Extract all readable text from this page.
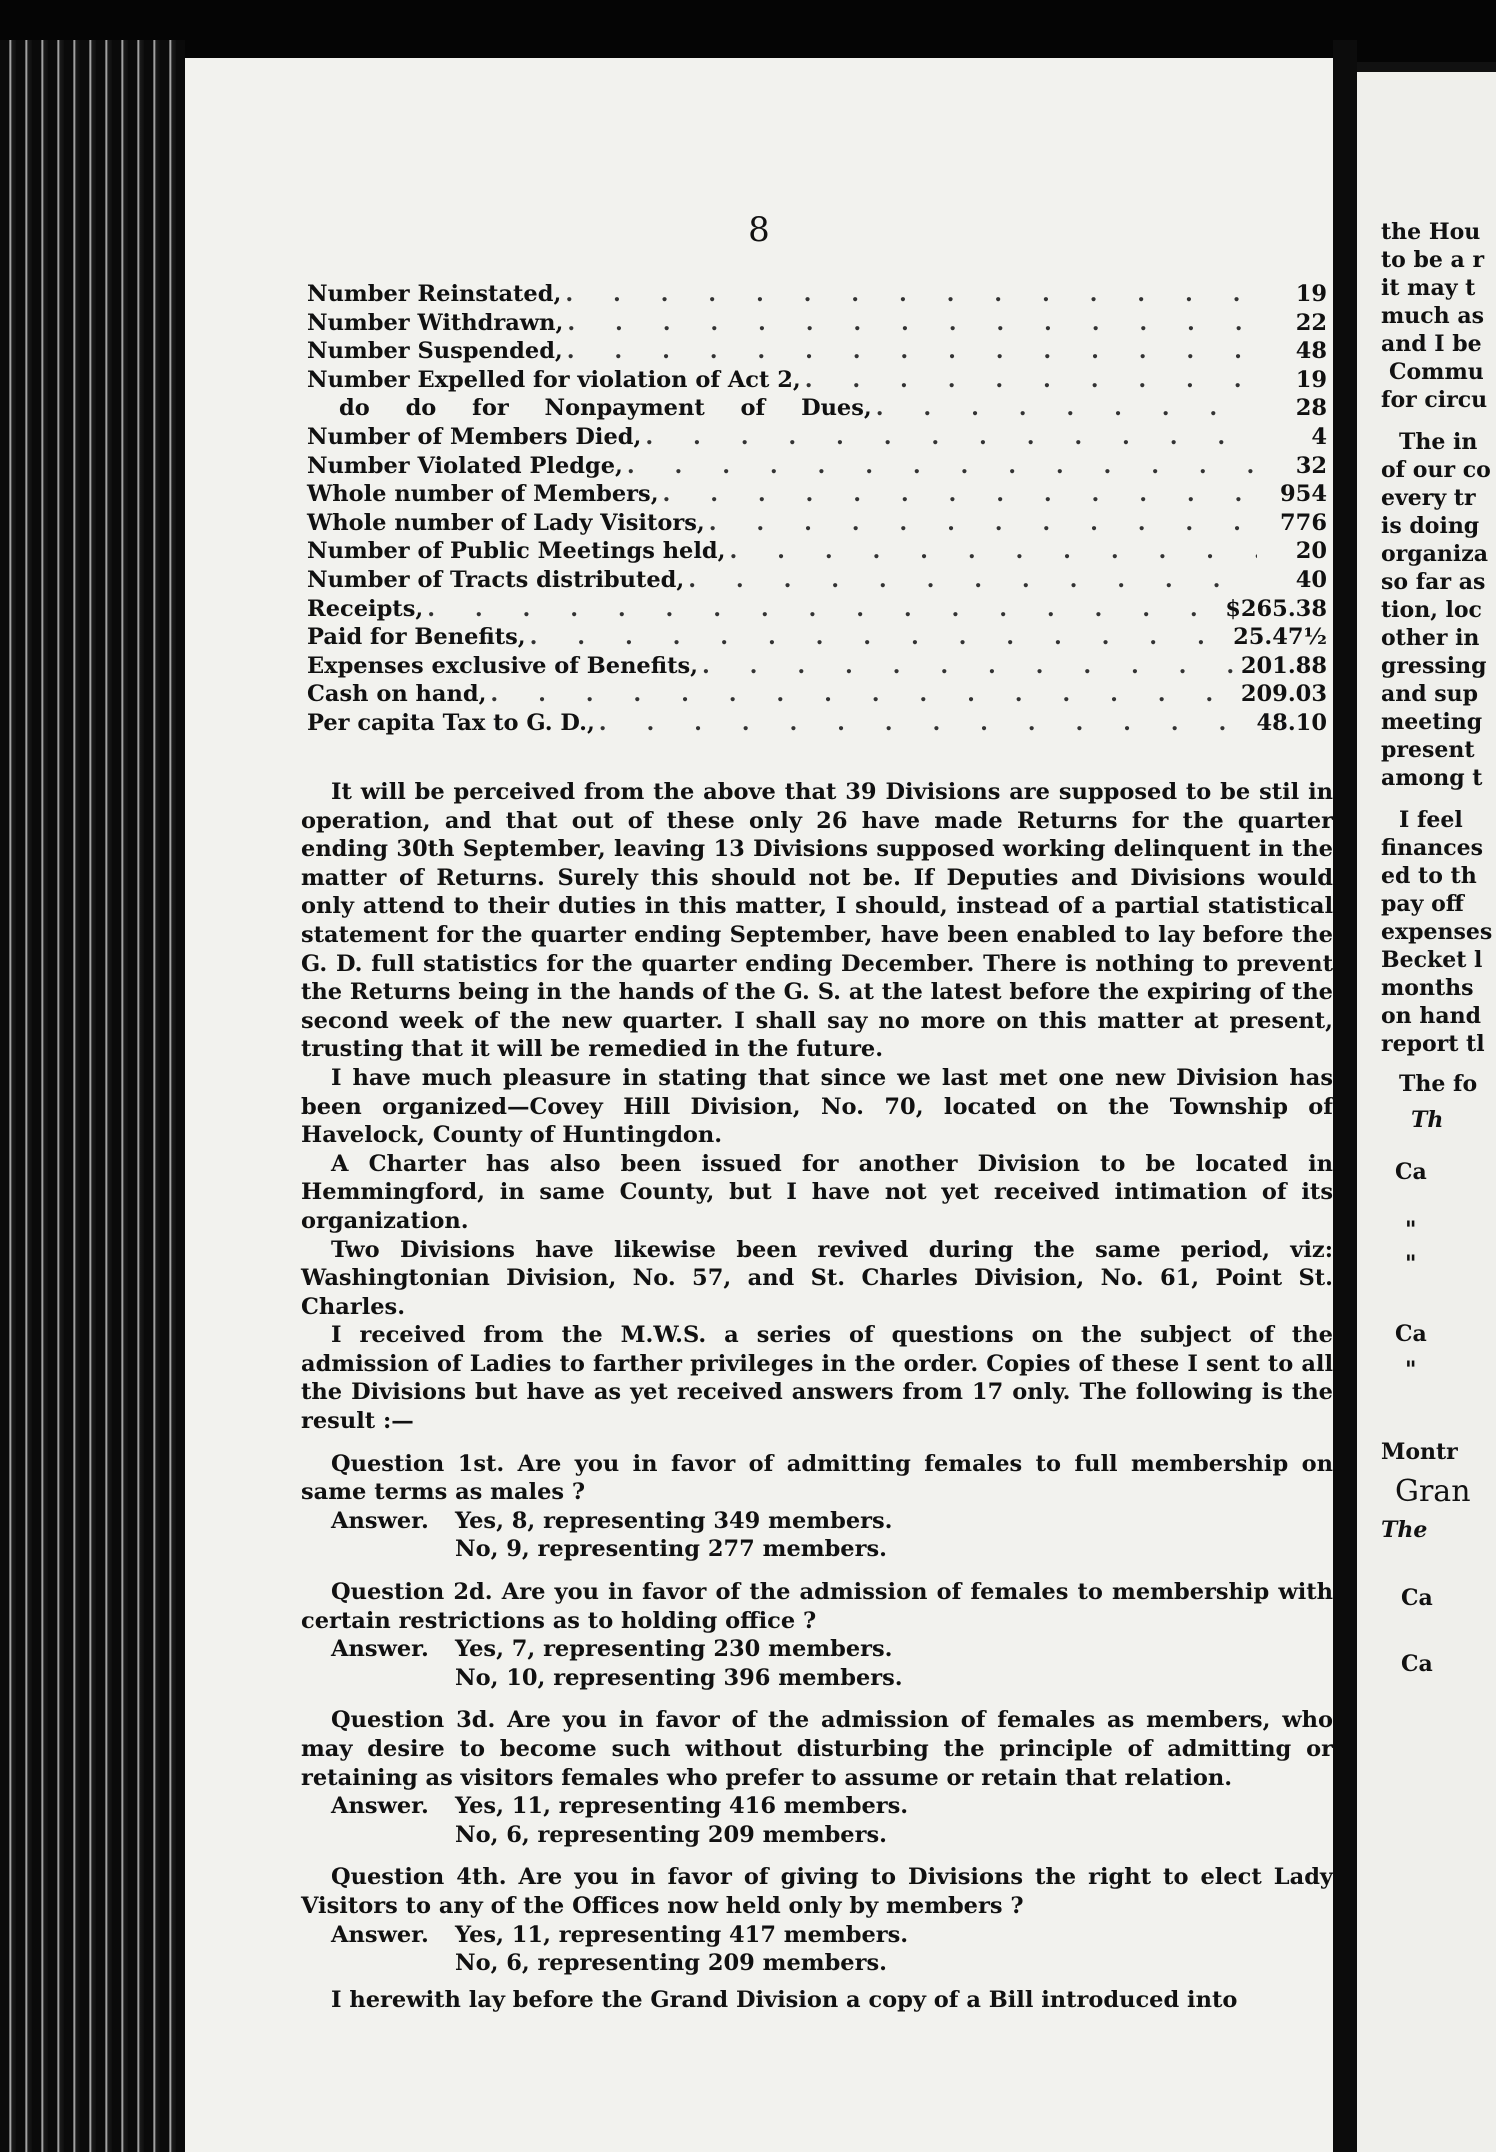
8
Number Reinstated, . . .	19
Number Withdrawn, . . .	22
Number Suspended, . . .	48
Number Expelled for violation of Act 2, . . .	19
do do for Nonpayment of Dues, . . .	28
Number of Members Died, . . .	4
Number Violated Pledge, . . .	32
Whole number of Members, . . .	954
Whole number of Lady Visitors, . . .	776
Number of Public Meetings held, . . .	20
Number of Tracts distributed, . . .	40
Receipts, . . .	$265.38
Paid for Benefits, . . .	25.47½
Expenses exclusive of Benefits, . . .	201.88
Cash on hand, . . .	209.03
Per capita Tax to G. D., . . .	48.10

It will be perceived from the above that 39 Divisions are supposed to be stil in operation, and that out of these only 26 have made Returns for the quarter ending 30th September, leaving 13 Divisions supposed working delinquent in the matter of Returns. Surely this should not be. If Deputies and Divisions would only attend to their duties in this matter, I should, instead of a partial statistical statement for the quarter ending September, have been enabled to lay before the G. D. full statistics for the quarter ending December. There is nothing to prevent the Returns being in the hands of the G. S. at the latest before the expiring of the second week of the new quarter. I shall say no more on this matter at present, trusting that it will be remedied in the future.

I have much pleasure in stating that since we last met one new Division has been organized—Covey Hill Division, No. 70, located on the Township of Havelock, County of Huntingdon.

A Charter has also been issued for another Division to be located in Hemmingford, in same County, but I have not yet received intimation of its organization.

Two Divisions have likewise been revived during the same period, viz: Washingtonian Division, No. 57, and St. Charles Division, No. 61, Point St. Charles.

I received from the M.W.S. a series of questions on the subject of the admission of Ladies to farther privileges in the order. Copies of these I sent to all the Divisions but have as yet received answers from 17 only. The following is the result :—

Question 1st. Are you in favor of admitting females to full membership on same terms as males ?

Answer.	Yes, 8, representing 349 members.
No, 9, representing 277 members.

Question 2d. Are you in favor of the admission of females to membership with certain restrictions as to holding office ?

Answer.	Yes, 7, representing 230 members.
No, 10, representing 396 members.

Question 3d. Are you in favor of the admission of females as members, who may desire to become such without disturbing the principle of admitting or retaining as visitors females who prefer to assume or retain that relation.

Answer.	Yes, 11, representing 416 members.
No, 6, representing 209 members.

Question 4th. Are you in favor of giving to Divisions the right to elect Lady Visitors to any of the Offices now held only by members ?

Answer.	Yes, 11, representing 417 members.
No, 6, representing 209 members.

I herewith lay before the Grand Division a copy of a Bill introduced into

the Hou
to be a r
it may t
much as
and I be
Commu
for circu
The in
of our co
every tr
is doing
organiza
so far as
tion, loc
other in
gressing
and sup
meeting
present
among t
I feel
finances
ed to th
pay off
expenses
Becket l
months
on hand
report tl
The fo
Th
Ca
"
"
Ca
"
Montr
Gran
The
Ca
Ca
